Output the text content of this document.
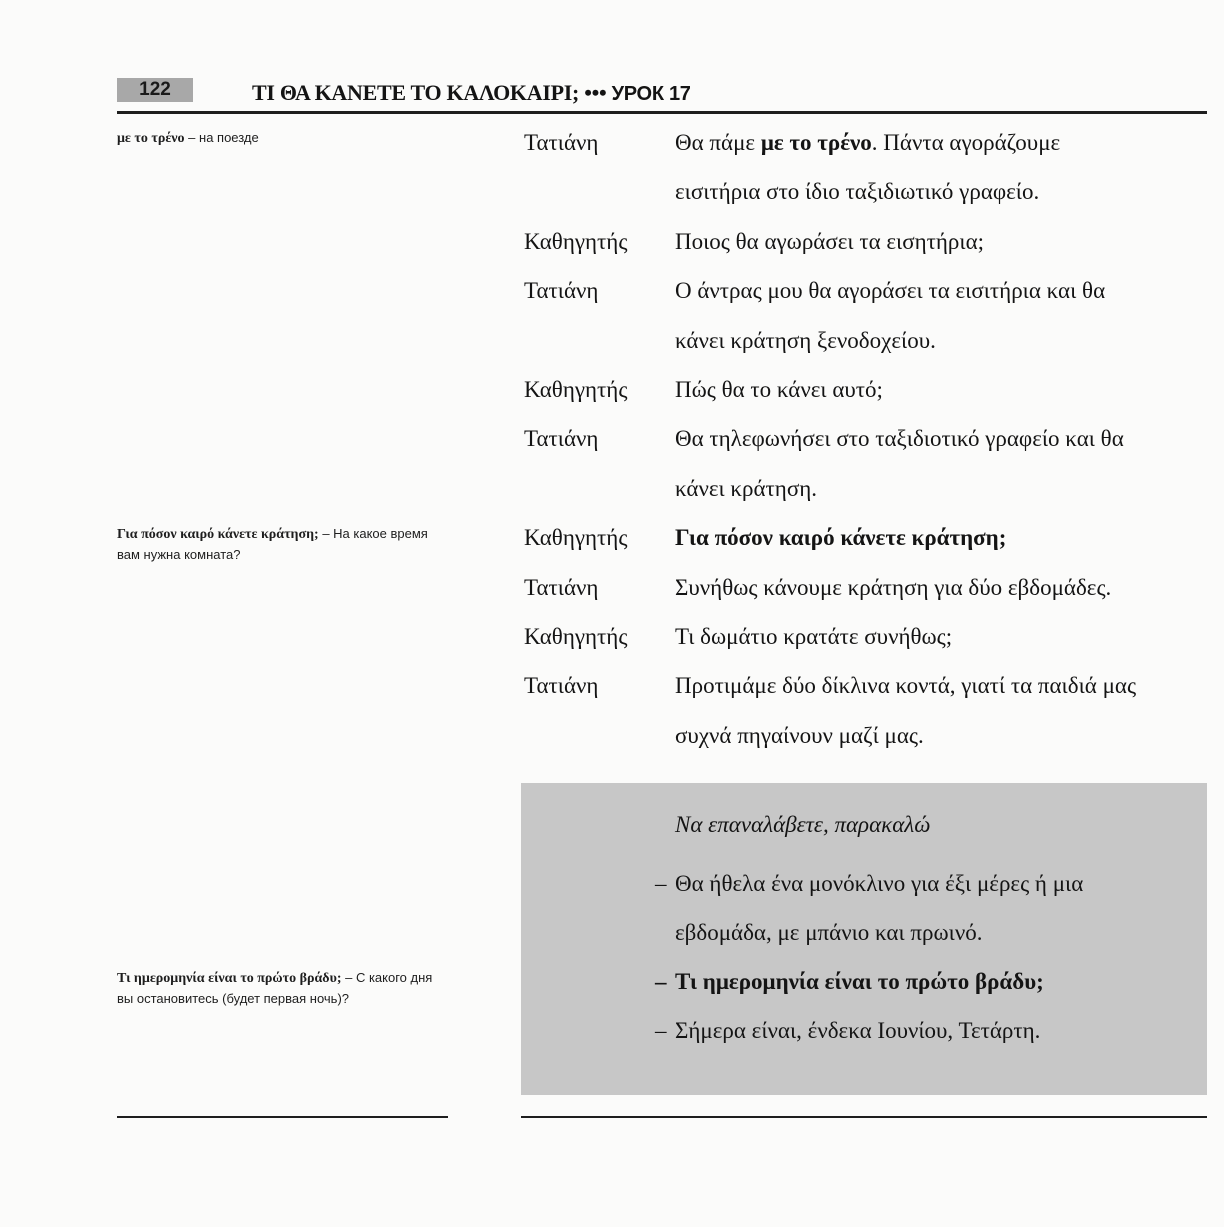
122	ΤΙ ΘΑ ΚΑΝΕΤΕ ΤΟ ΚΑΛΟΚΑΙΡΙ; ••• УРОК 17
με το τρένο – на поезде
Για πόσον καιρό κάνετε κράτηση; – На какое время вам нужна комната?
Τι ημερομηνία είναι το πρώτο βράδυ; – С какого дня вы остановитесь (будет первая ночь)?
Τατιάνη	Θα πάμε με το τρένο. Πάντα αγοράζουμε
εισιτήρια στο ίδιο ταξιδιωτικό γραφείο.
Καθηγητής	Ποιος θα αγωράσει τα εισητήρια;
Τατιάνη	Ο άντρας μου θα αγοράσει τα εισιτήρια και θα
κάνει κράτηση ξενοδοχείου.
Καθηγητής	Πώς θα το κάνει αυτό;
Τατιάνη	Θα τηλεφωνήσει στο ταξιδιοτικό γραφείο και θα
κάνει κράτηση.
Καθηγητής	Για πόσον καιρό κάνετε κράτηση;
Τατιάνη	Συνήθως κάνουμε κράτηση για δύο εβδομάδες.
Καθηγητής	Τι δωμάτιο κρατάτε συνήθως;
Τατιάνη	Προτιμάμε δύο δίκλινα κοντά, γιατί τα παιδιά μας
συχνά πηγαίνουν μαζί μας.
Να επαναλάβετε, παρακαλώ
– Θα ήθελα ένα μονόκλινο για έξι μέρες ή μια
εβδομάδα, με μπάνιο και πρωινό.
– Τι ημερομηνία είναι το πρώτο βράδυ;
– Σήμερα είναι, ένδεκα Ιουνίου, Τετάρτη.
